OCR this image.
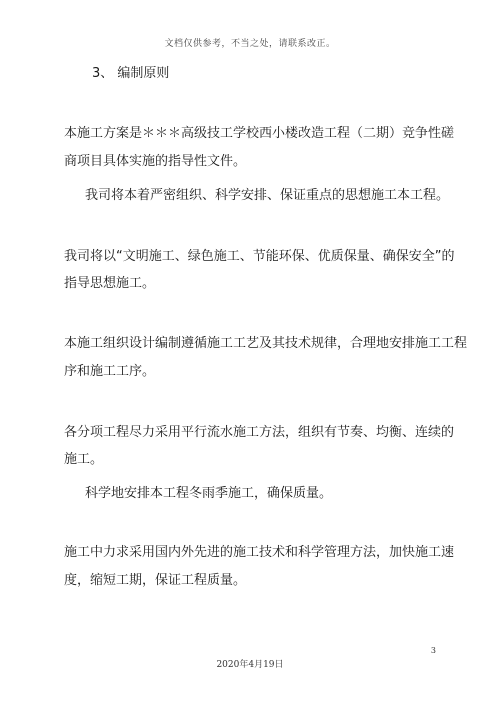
文档仅供参考，不当之处，请联系改正。
3、 编制原则
本施工方案是＊＊＊高级技工学校西小楼改造工程（二期）竞争性磋
商项目具体实施的指导性文件。
我司将本着严密组织、科学安排、保证重点的思想施工本工程。
我司将以“文明施工、绿色施工、节能环保、优质保量、确保安全”的
指导思想施工。
本施工组织设计编制遵循施工工艺及其技术规律，合理地安排施工工程
序和施工工序。
各分项工程尽力采用平行流水施工方法，组织有节奏、均衡、连续的
施工。
科学地安排本工程冬雨季施工，确保质量。
施工中力求采用国内外先进的施工技术和科学管理方法，加快施工速
度，缩短工期，保证工程质量。
3
2020年4月19日
